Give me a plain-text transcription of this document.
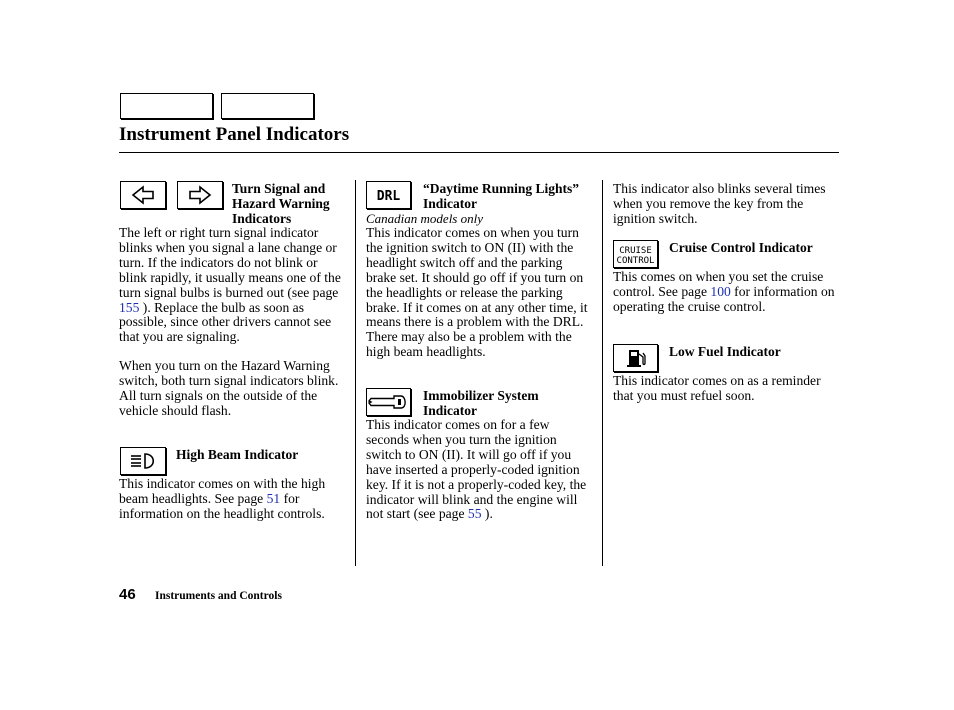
Instrument Panel Indicators
Turn Signal and Hazard Warning Indicators
The left or right turn signal indicator blinks when you signal a lane change or turn. If the indicators do not blink or blink rapidly, it usually means one of the turn signal bulbs is burned out (see page 155 ). Replace the bulb as soon as possible, since other drivers cannot see that you are signaling.
When you turn on the Hazard Warning switch, both turn signal indicators blink. All turn signals on the outside of the vehicle should flash.
High Beam Indicator
This indicator comes on with the high beam headlights. See page 51 for information on the headlight controls.
DRL
“Daytime Running Lights” Indicator
Canadian models only
This indicator comes on when you turn the ignition switch to ON (II) with the headlight switch off and the parking brake set. It should go off if you turn on the headlights or release the parking brake. If it comes on at any other time, it means there is a problem with the DRL. There may also be a problem with the high beam headlights.
Immobilizer System Indicator
This indicator comes on for a few seconds when you turn the ignition switch to ON (II). It will go off if you have inserted a properly-coded ignition key. If it is not a properly-coded key, the indicator will blink and the engine will not start (see page 55 ).
This indicator also blinks several times when you remove the key from the ignition switch.
CRUISE
CONTROL
Cruise Control Indicator
This comes on when you set the cruise control. See page 100 for information on operating the cruise control.
Low Fuel Indicator
This indicator comes on as a reminder that you must refuel soon.
46 Instruments and Controls
